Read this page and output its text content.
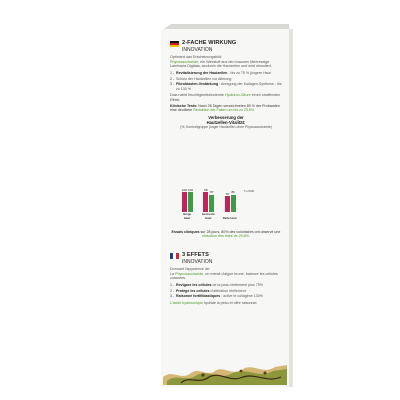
2-FACHE WIRKUNG
INNOVATION
Optimiert das Erscheinungsbild:
Phycosaccharide, ein Wirkstoff aus den braunen Meeresalge Laminaria Digitata, wodurch die Hautzellen und wird stimuliert.
1 - Revitalisierung der Hautzellen - bis zu 75 % jüngere Haut
2 - Schutz der Hautzellen vor Alterung
3 - Fibroblasten-Vestärkung : Anregung der Kollagen-Synthese - bis zu 130 %
Dazu wirkt feuchtigkeitsbindende Hyaluron-Säure einen straffenden Effekt.
Klinische Tests: Nach 28 Tagen verzeichneten 80 % der Probanden eine deutliche Reduktion der Falten um bis zu 29,6%.
Verbesserung der
Hautzellen-Vitalität:
(%; Kontrollgruppe junger Hautzellen ohne Phycosaccharide)
100 100
Junge Haut
98
87
Gestreste Haut
78 86
Reife Haut
T-o PHB
Essais cliniques sur 28 jours, 80% des volontaires ont observé une réduction des rides de 29,6%.
3 EFFETS
INNOVATION
Donnant l'apparence de:
La Phycosaccharide, un extrait d'algue brune, balance les cellules cutanées.
1 - Revigore les cellules de la peau réellement plus 75%
2 - Protège les cellules d'altération réellement
3 - Raisonné fortifiblastiques : active le collagène 130%
L'acide hyaluronique hydrate la peau et offre raisonner.
